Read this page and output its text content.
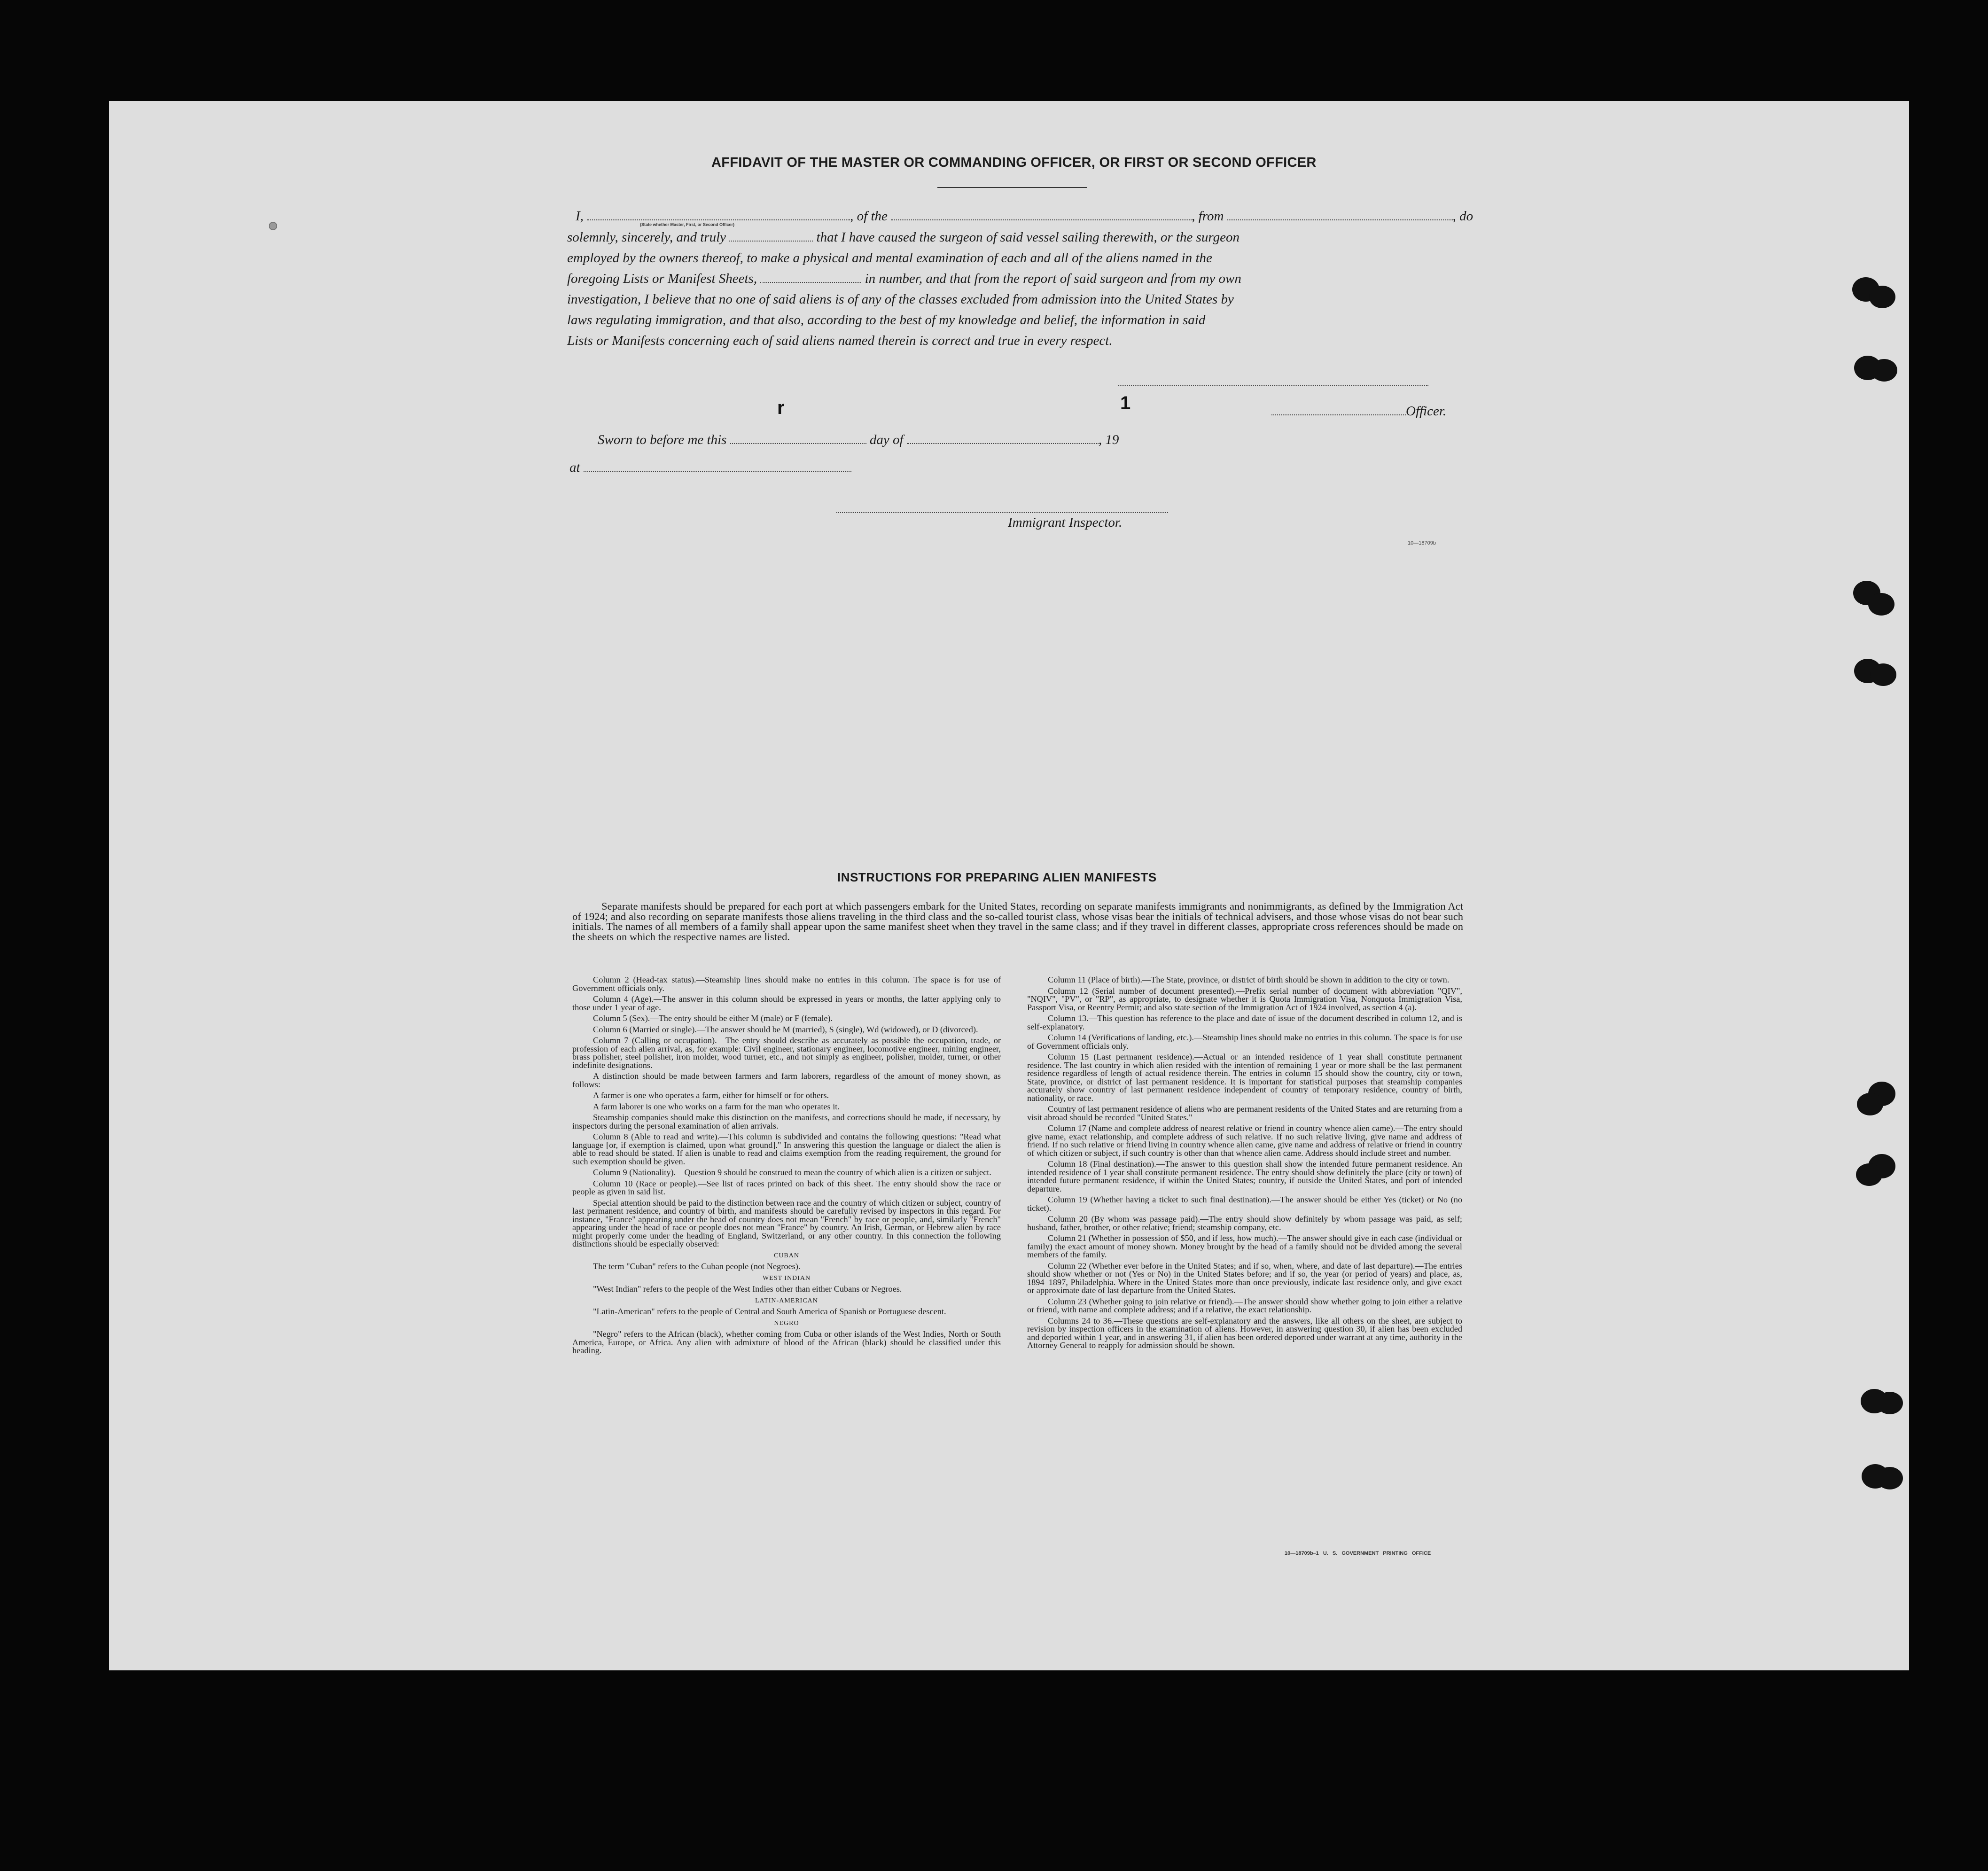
AFFIDAVIT OF THE MASTER OR COMMANDING OFFICER, OR FIRST OR SECOND OFFICER
I,	, of the	, from	, do
(State whether Master, First, or Second Officer)
solemnly, sincerely, and truly	that I have caused the surgeon of said vessel sailing therewith, or the surgeon
employed by the owners thereof, to make a physical and mental examination of each and all of the aliens named in the
foregoing Lists or Manifest Sheets,	in number, and that from the report of said surgeon and from my own
investigation, I believe that no one of said aliens is of any of the classes excluded from admission into the United States by
laws regulating immigration, and that also, according to the best of my knowledge and belief, the information in said
Lists or Manifests concerning each of said aliens named therein is correct and true in every respect.
r	1	Officer.
Sworn to before me this	day of	, 19
at
Immigrant Inspector.
10—18709b
INSTRUCTIONS FOR PREPARING ALIEN MANIFESTS

Separate manifests should be prepared for each port at which passengers embark for the United States, recording on separate manifests immigrants and nonimmigrants, as defined by the Immigration Act of 1924; and also recording on separate manifests those aliens traveling in the third class and the so-called tourist class, whose visas bear the initials of technical advisers, and those whose visas do not bear such initials. The names of all members of a family shall appear upon the same manifest sheet when they travel in the same class; and if they travel in different classes, appropriate cross references should be made on the sheets on which the respective names are listed.

Column 2 (Head-tax status).—Steamship lines should make no entries in this column. The space is for use of Government officials only.

Column 4 (Age).—The answer in this column should be expressed in years or months, the latter applying only to those under 1 year of age.

Column 5 (Sex).—The entry should be either M (male) or F (female).

Column 6 (Married or single).—The answer should be M (married), S (single), Wd (widowed), or D (divorced).

Column 7 (Calling or occupation).—The entry should describe as accurately as possible the occupation, trade, or profession of each alien arrival, as, for example: Civil engineer, stationary engineer, locomotive engineer, mining engineer, brass polisher, steel polisher, iron molder, wood turner, etc., and not simply as engineer, polisher, molder, turner, or other indefinite designations.

A distinction should be made between farmers and farm laborers, regardless of the amount of money shown, as follows:

A farmer is one who operates a farm, either for himself or for others.

A farm laborer is one who works on a farm for the man who operates it.

Steamship companies should make this distinction on the manifests, and corrections should be made, if necessary, by inspectors during the personal examination of alien arrivals.

Column 8 (Able to read and write).—This column is subdivided and contains the following questions: "Read what language [or, if exemption is claimed, upon what ground]." In answering this question the language or dialect the alien is able to read should be stated. If alien is unable to read and claims exemption from the reading requirement, the ground for such exemption should be given.

Column 9 (Nationality).—Question 9 should be construed to mean the country of which alien is a citizen or subject.

Column 10 (Race or people).—See list of races printed on back of this sheet. The entry should show the race or people as given in said list.

Special attention should be paid to the distinction between race and the country of which citizen or subject, country of last permanent residence, and country of birth, and manifests should be carefully revised by inspectors in this regard. For instance, "France" appearing under the head of country does not mean "French" by race or people, and, similarly "French" appearing under the head of race or people does not mean "France" by country. An Irish, German, or Hebrew alien by race might properly come under the heading of England, Switzerland, or any other country. In this connection the following distinctions should be especially observed:

CUBAN

The term "Cuban" refers to the Cuban people (not Negroes).

WEST INDIAN

"West Indian" refers to the people of the West Indies other than either Cubans or Negroes.

LATIN-AMERICAN

"Latin-American" refers to the people of Central and South America of Spanish or Portuguese descent.

NEGRO

"Negro" refers to the African (black), whether coming from Cuba or other islands of the West Indies, North or South America, Europe, or Africa. Any alien with admixture of blood of the African (black) should be classified under this heading.

Column 11 (Place of birth).—The State, province, or district of birth should be shown in addition to the city or town.

Column 12 (Serial number of document presented).—Prefix serial number of document with abbreviation "QIV", "NQIV", "PV", or "RP", as appropriate, to designate whether it is Quota Immigration Visa, Nonquota Immigration Visa, Passport Visa, or Reentry Permit; and also state section of the Immigration Act of 1924 involved, as section 4 (a).

Column 13.—This question has reference to the place and date of issue of the document described in column 12, and is self-explanatory.

Column 14 (Verifications of landing, etc.).—Steamship lines should make no entries in this column. The space is for use of Government officials only.

Column 15 (Last permanent residence).—Actual or an intended residence of 1 year shall constitute permanent residence. The last country in which alien resided with the intention of remaining 1 year or more shall be the last permanent residence regardless of length of actual residence therein. The entries in column 15 should show the country, city or town, State, province, or district of last permanent residence. It is important for statistical purposes that steamship companies accurately show country of last permanent residence independent of country of temporary residence, country of birth, nationality, or race.

Country of last permanent residence of aliens who are permanent residents of the United States and are returning from a visit abroad should be recorded "United States."

Column 17 (Name and complete address of nearest relative or friend in country whence alien came).—The entry should give name, exact relationship, and complete address of such relative. If no such relative living, give name and address of friend. If no such relative or friend living in country whence alien came, give name and address of relative or friend in country of which citizen or subject, if such country is other than that whence alien came. Address should include street and number.

Column 18 (Final destination).—The answer to this question shall show the intended future permanent residence. An intended residence of 1 year shall constitute permanent residence. The entry should show definitely the place (city or town) of intended future permanent residence, if within the United States; country, if outside the United States, and port of intended departure.

Column 19 (Whether having a ticket to such final destination).—The answer should be either Yes (ticket) or No (no ticket).

Column 20 (By whom was passage paid).—The entry should show definitely by whom passage was paid, as self; husband, father, brother, or other relative; friend; steamship company, etc.

Column 21 (Whether in possession of $50, and if less, how much).—The answer should give in each case (individual or family) the exact amount of money shown. Money brought by the head of a family should not be divided among the several members of the family.

Column 22 (Whether ever before in the United States; and if so, when, where, and date of last departure).—The entries should show whether or not (Yes or No) in the United States before; and if so, the year (or period of years) and place, as, 1894–1897, Philadelphia. Where in the United States more than once previously, indicate last residence only, and give exact or approximate date of last departure from the United States.

Column 23 (Whether going to join relative or friend).—The answer should show whether going to join either a relative or friend, with name and complete address; and if a relative, the exact relationship.

Columns 24 to 36.—These questions are self-explanatory and the answers, like all others on the sheet, are subject to revision by inspection officers in the examination of aliens. However, in answering question 30, if alien has been excluded and deported within 1 year, and in answering 31, if alien has been ordered deported under warrant at any time, authority in the Attorney General to reapply for admission should be shown.

10—18709b–1 U. S. GOVERNMENT PRINTING OFFICE
